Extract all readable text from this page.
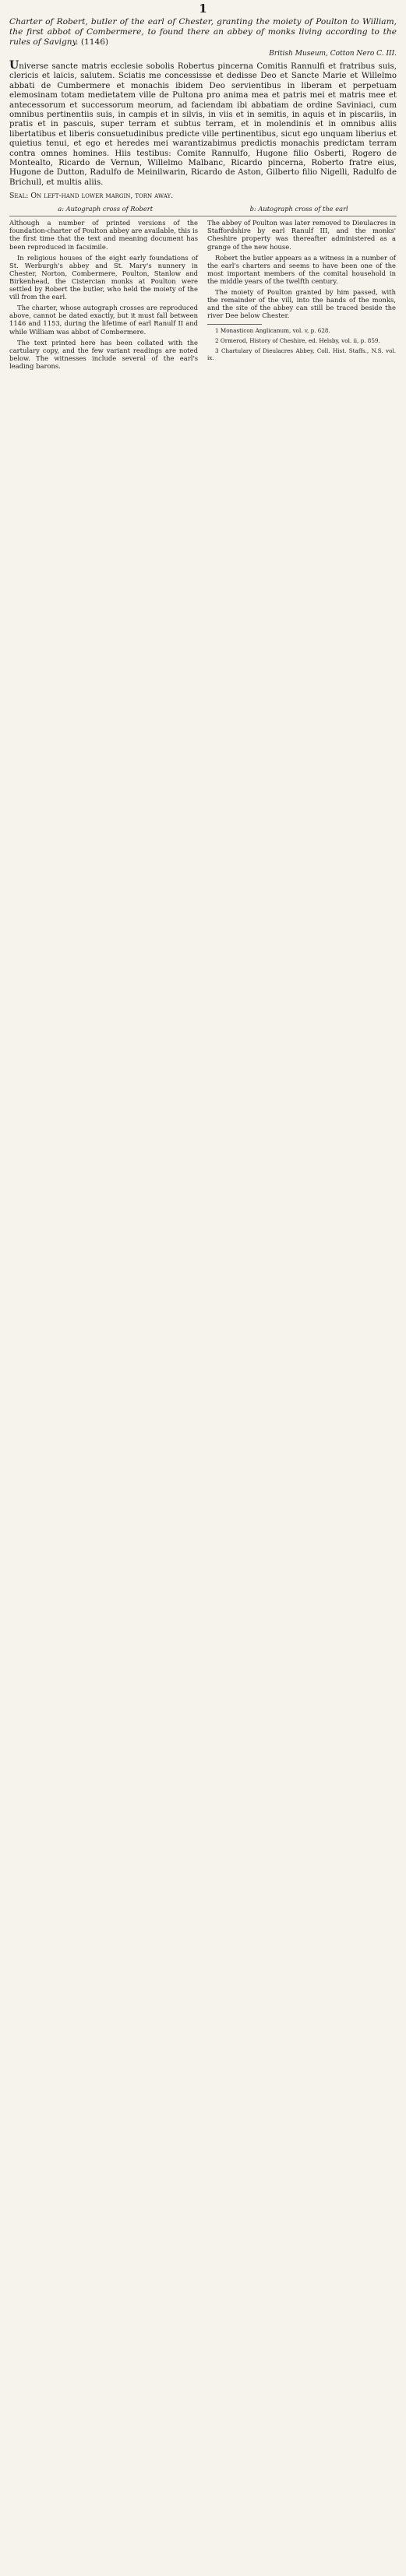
1
Charter of Robert, butler of the earl of Chester, granting the moiety of Poulton to William, the first abbot of Combermere, to found there an abbey of monks living according to the rules of Savigny. (1146)
British Museum, Cotton Nero C. III.
Universe sancte matris ecclesie sobolis Robertus pincerna Comitis Rannulfi et fratribus suis, clericis et laicis, salutem. Sciatis me concessisse et dedisse Deo et Sancte Marie et Willelmo abbati de Cumbermere et monachis ibidem Deo servientibus in liberam et perpetuam elemosinam totam medietatem ville de Pultona pro anima mea et patris mei et matris mee et antecessorum et successorum meorum, ad faciendam ibi abbatiam de ordine Saviniaci, cum omnibus pertinentiis suis, in campis et in silvis, in viis et in semitis, in aquis et in piscariis, in pratis et in pascuis, super terram et subtus terram, et in molendinis et in omnibus aliis libertatibus et liberis consuetudinibus predicte ville pertinentibus, sicut ego unquam liberius et quietius tenui, et ego et heredes mei warantizabimus predictis monachis predictam terram contra omnes homines. Hiis testibus: Comite Rannulfo, Hugone filio Osberti, Rogero de Montealto, Ricardo de Vernun, Willelmo Malbanc, Ricardo pincerna, Roberto fratre eius, Hugone de Dutton, Radulfo de Meinilwarin, Ricardo de Aston, Gilberto filio Nigelli, Radulfo de Brichull, et multis aliis.
Seal: On left-hand lower margin, torn away.
a: Autograph cross of Robert	b: Autograph cross of the earl

Although a number of printed versions of the foundation-charter of Poulton abbey are available, this is the first time that the text and meaning document has been reproduced in facsimile.

In religious houses of the eight early foundations of St. Werburgh's abbey and St. Mary's nunnery in Chester, Norton, Combermere, Poulton, Stanlow and Birkenhead, the Cistercian monks at Poulton were settled by Robert the butler, who held the moiety of the vill from the earl.

The charter, whose autograph crosses are reproduced above, cannot be dated exactly, but it must fall between 1146 and 1153, during the lifetime of earl Ranulf II and while William was abbot of Combermere.

The text printed here has been collated with the cartulary copy, and the few variant readings are noted below. The witnesses include several of the earl's leading barons.

The abbey of Poulton was later removed to Dieulacres in Staffordshire by earl Ranulf III, and the monks' Cheshire property was thereafter administered as a grange of the new house.

Robert the butler appears as a witness in a number of the earl's charters and seems to have been one of the most important members of the comital household in the middle years of the twelfth century.

The moiety of Poulton granted by him passed, with the remainder of the vill, into the hands of the monks, and the site of the abbey can still be traced beside the river Dee below Chester.

1 Monasticon Anglicanum, vol. v, p. 628.

2 Ormerod, History of Cheshire, ed. Helsby, vol. ii, p. 859.

3 Chartulary of Dieulacres Abbey, Coll. Hist. Staffs., N.S. vol. ix.
